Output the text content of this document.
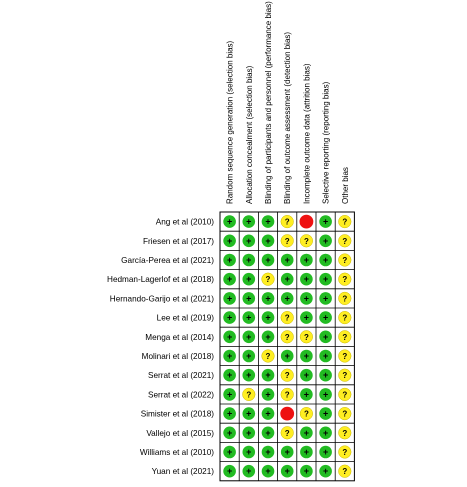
Random sequence generation (selection bias) Allocation concealment (selection bias) Blinding of participants and personnel (performance bias) Blinding of outcome assessment (detection bias) Incomplete outcome data (attrition bias) Selective reporting (reporting bias) Other bias
Ang et al (2010)
Friesen et al (2017)
García-Perea et al (2021)
Hedman-Lagerlof et al (2018)
Hernando-Garijo et al (2021)
Lee et al (2019)
Menga et al (2014)
Molinari et al (2018)
Serrat et al (2021)
Serrat et al (2022)
Simister et al (2018)
Vallejo et al (2015)
Williams et al (2010)
Yuan et al (2021)
+ + + ?	+ ?
+ + + ? ? + ?
+ + + + + + ?
+ + ? + + + ?
+ + + + + + ?
+ + + ? + + ?
+ + + ? ? + ?
+ + ? + + + ?
+ + + ? + + ?
+ ? + ? + + ?
+ + +	? + ?
+ + + ? + + ?
+ + + + + + ?
+ + + + + + ?
